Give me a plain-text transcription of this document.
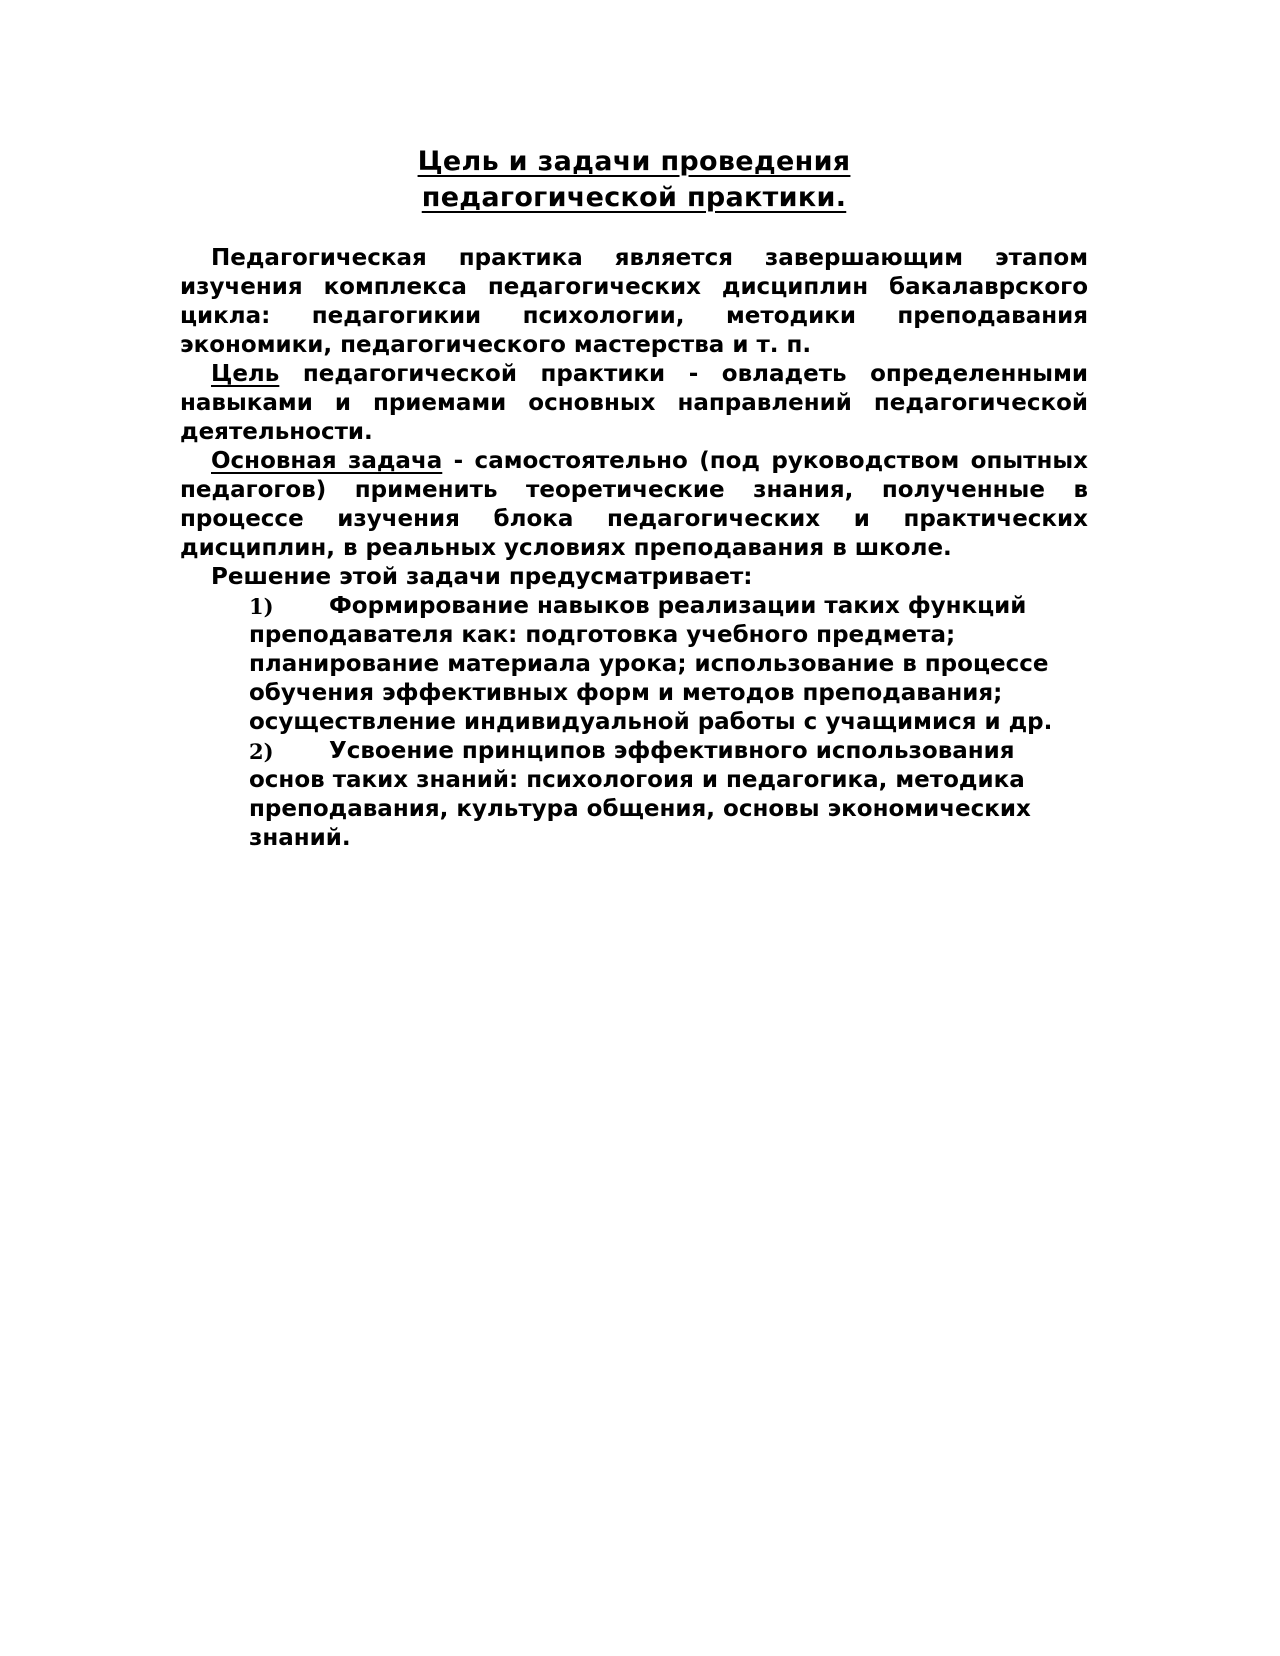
Цель и задачи проведения
педагогической практики.

Педагогическая практика является завершающим этапом изучения комплекса педагогических дисциплин бакалаврского цикла: педагогикии психологии, методики преподавания экономики, педагогического мастерства и т. п.

Цель педагогической практики - овладеть определенными навыками и приемами основных направлений педагогической деятельности.

Основная задача - самостоятельно (под руководством опытных педагогов) применить теоретические знания, полученные в процессе изучения блока педагогических и практических дисциплин, в реальных условиях преподавания в школе.

Решение этой задачи предусматривает:

1) Формирование навыков реализации таких функций преподавателя как: подготовка учебного предмета; планирование материала урока; использование в процессе обучения эффективных форм и методов преподавания; осуществление индивидуальной работы с учащимися и др.
2) Усвоение принципов эффективного использования основ таких знаний: психологоия и педагогика, методика преподавания, культура общения, основы экономических знаний.
